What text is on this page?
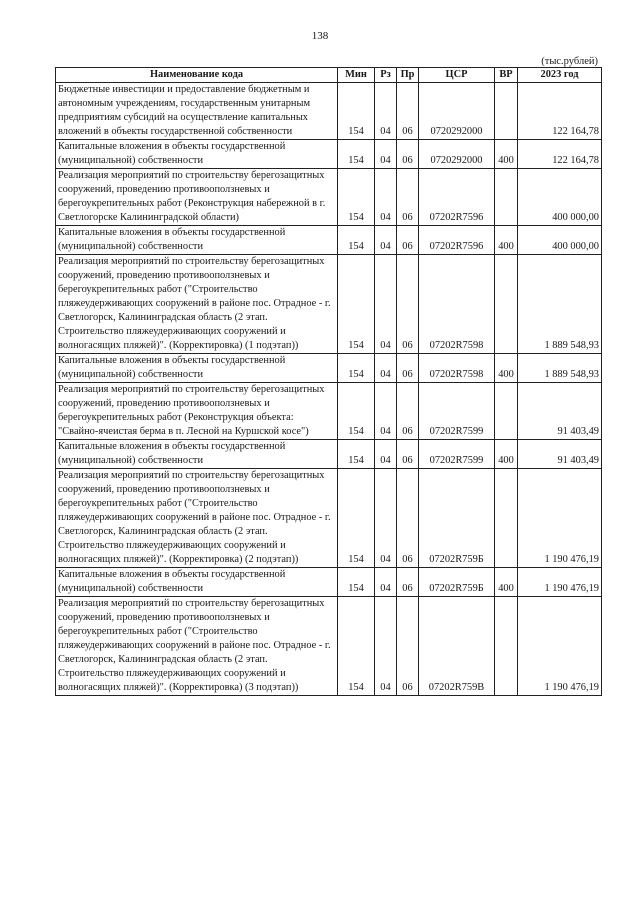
138
(тыс.рублей)
Наименование кода	Мин	Рз	Пр	ЦСР	ВР	2023 год
Бюджетные инвестиции и предоставление бюджетным и автономным учреждениям, государственным унитарным предприятиям субсидий на осуществление капитальных вложений в объекты государственной собственности	154	04	06	0720292000		122 164,78
Капитальные вложения в объекты государственной (муниципальной) собственности	154	04	06	0720292000	400	122 164,78
Реализация мероприятий по строительству берегозащитных сооружений, проведению противооползневых и берегоукрепительных работ (Реконструкция набережной в г. Светлогорске Калининградской области)	154	04	06	07202R7596		400 000,00
Капитальные вложения в объекты государственной (муниципальной) собственности	154	04	06	07202R7596	400	400 000,00
Реализация мероприятий по строительству берегозащитных сооружений, проведению противооползневых и берегоукрепительных работ ("Строительство пляжеудерживающих сооружений в районе пос. Отрадное - г. Светлогорск, Калининградская область (2 этап. Строительство пляжеудерживающих сооружений и волногасящих пляжей)". (Корректировка) (1 подэтап))	154	04	06	07202R7598		1 889 548,93
Капитальные вложения в объекты государственной (муниципальной) собственности	154	04	06	07202R7598	400	1 889 548,93
Реализация мероприятий по строительству берегозащитных сооружений, проведению противооползневых и берегоукрепительных работ (Реконструкция объекта: "Свайно-ячеистая берма в п. Лесной на Куршской косе")	154	04	06	07202R7599		91 403,49
Капитальные вложения в объекты государственной (муниципальной) собственности	154	04	06	07202R7599	400	91 403,49
Реализация мероприятий по строительству берегозащитных сооружений, проведению противооползневых и берегоукрепительных работ ("Строительство пляжеудерживающих сооружений в районе пос. Отрадное - г. Светлогорск, Калининградская область (2 этап. Строительство пляжеудерживающих сооружений и волногасящих пляжей)". (Корректировка) (2 подэтап))	154	04	06	07202R759Б		1 190 476,19
Капитальные вложения в объекты государственной (муниципальной) собственности	154	04	06	07202R759Б	400	1 190 476,19
Реализация мероприятий по строительству берегозащитных сооружений, проведению противооползневых и берегоукрепительных работ ("Строительство пляжеудерживающих сооружений в районе пос. Отрадное - г. Светлогорск, Калининградская область (2 этап. Строительство пляжеудерживающих сооружений и волногасящих пляжей)". (Корректировка) (3 подэтап))	154	04	06	07202R759В		1 190 476,19
